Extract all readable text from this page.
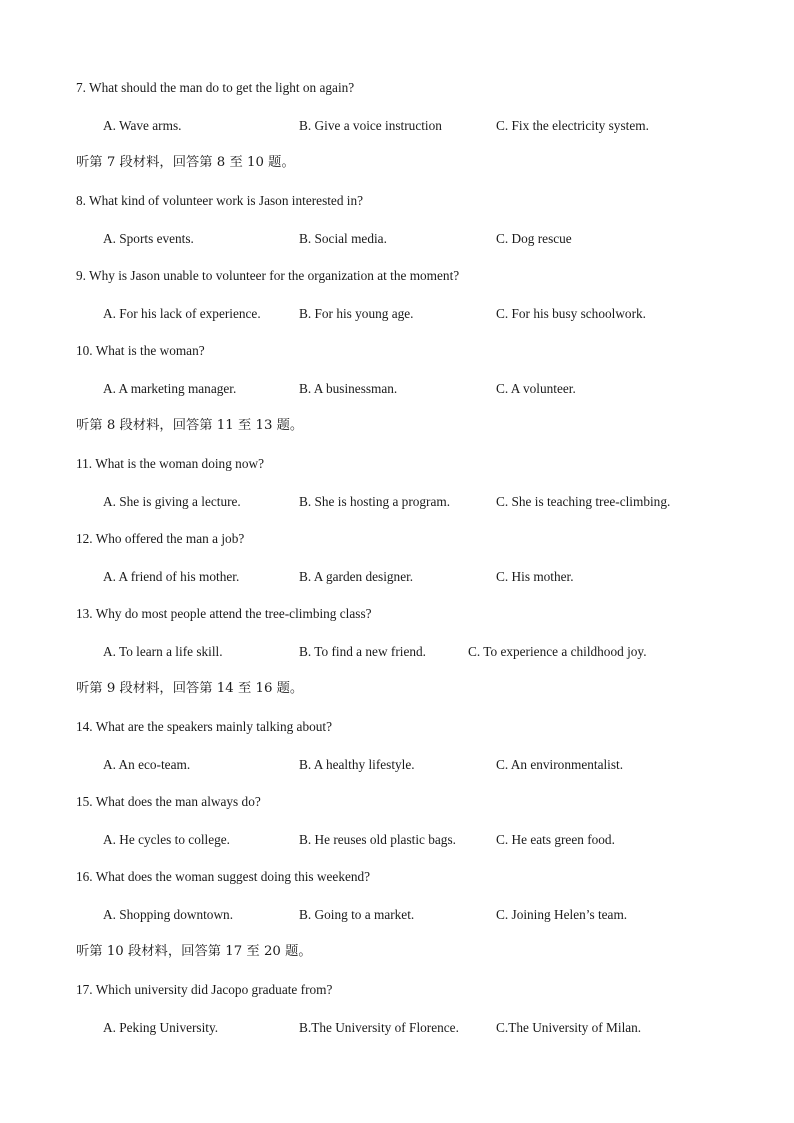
7. What should the man do to get the light on again?
A. Wave arms.	B. Give a voice instruction	C. Fix the electricity system.
听第 7 段材料，回答第 8 至 10 题。
8. What kind of volunteer work is Jason interested in?
A. Sports events.	B. Social media.	C. Dog rescue
9. Why is Jason unable to volunteer for the organization at the moment?
A. For his lack of experience.	B. For his young age.	C. For his busy schoolwork.
10. What is the woman?
A. A marketing manager.	B. A businessman.	C. A volunteer.
听第 8 段材料，回答第 11 至 13 题。
11. What is the woman doing now?
A. She is giving a lecture.	B. She is hosting a program.	C. She is teaching tree-climbing.
12. Who offered the man a job?
A. A friend of his mother.	B. A garden designer.	C. His mother.
13. Why do most people attend the tree-climbing class?
A. To learn a life skill.	B. To find a new friend.	C. To experience a childhood joy.
听第 9 段材料，回答第 14 至 16 题。
14. What are the speakers mainly talking about?
A. An eco-team.	B. A healthy lifestyle.	C. An environmentalist.
15. What does the man always do?
A. He cycles to college.	B. He reuses old plastic bags.	C. He eats green food.
16. What does the woman suggest doing this weekend?
A. Shopping downtown.	B. Going to a market.	C. Joining Helen’s team.
听第 10 段材料，回答第 17 至 20 题。
17. Which university did Jacopo graduate from?
A. Peking University.	B.The University of Florence.	C.The University of Milan.
